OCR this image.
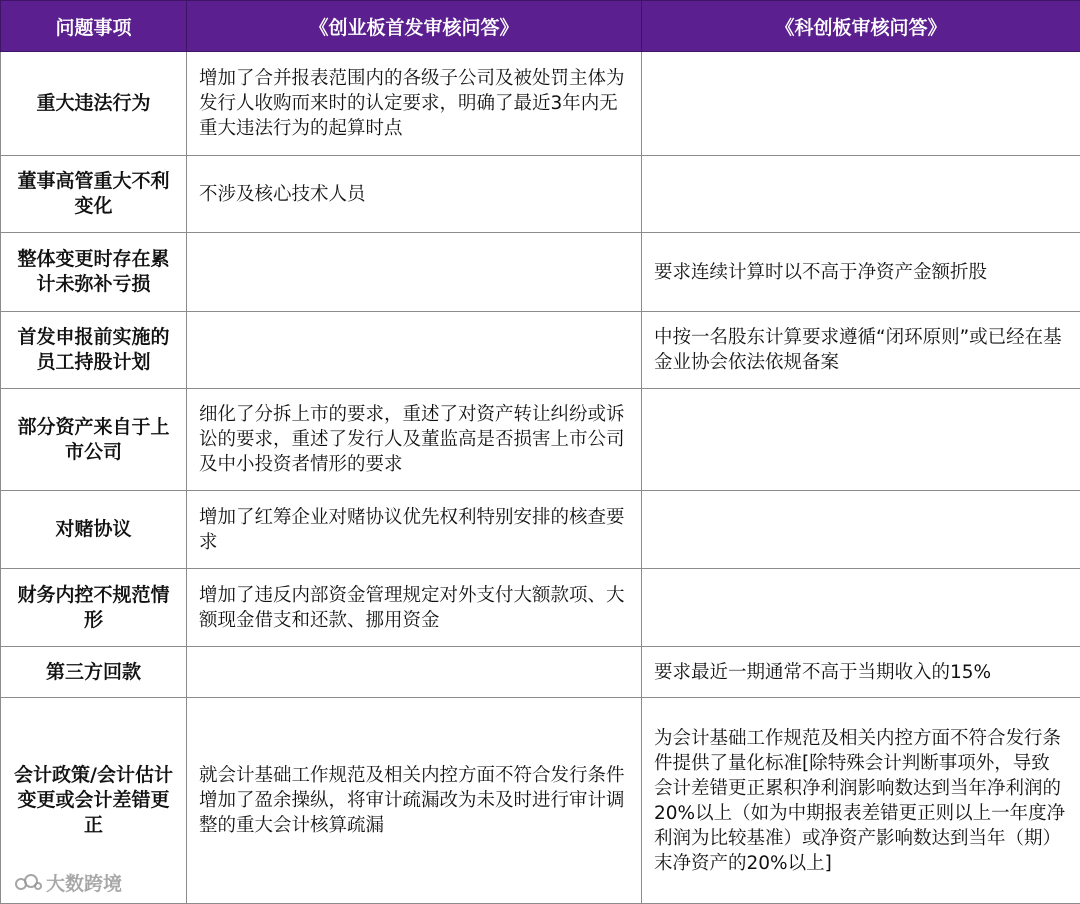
问题事项	《创业板首发审核问答》	《科创板审核问答》
重大违法行为	增加了合并报表范围内的各级子公司及被处罚主体为发行人收购而来时的认定要求，明确了最近3年内无重大违法行为的起算时点	
董事高管重大不利变化	不涉及核心技术人员	
整体变更时存在累计未弥补亏损		要求连续计算时以不高于净资产金额折股
首发申报前实施的员工持股计划		中按一名股东计算要求遵循“闭环原则”或已经在基金业协会依法依规备案
部分资产来自于上市公司	细化了分拆上市的要求，重述了对资产转让纠纷或诉讼的要求，重述了发行人及董监高是否损害上市公司及中小投资者情形的要求	
对赌协议	增加了红筹企业对赌协议优先权利特别安排的核查要求	
财务内控不规范情形	增加了违反内部资金管理规定对外支付大额款项、大额现金借支和还款、挪用资金	
第三方回款		要求最近一期通常不高于当期收入的15%
会计政策/会计估计变更或会计差错更正	就会计基础工作规范及相关内控方面不符合发行条件增加了盈余操纵，将审计疏漏改为未及时进行审计调整的重大会计核算疏漏	为会计基础工作规范及相关内控方面不符合发行条件提供了量化标准[除特殊会计判断事项外，导致会计差错更正累积净利润影响数达到当年净利润的20%以上（如为中期报表差错更正则以上一年度净利润为比较基准）或净资产影响数达到当年（期）末净资产的20%以上]
大数跨境
